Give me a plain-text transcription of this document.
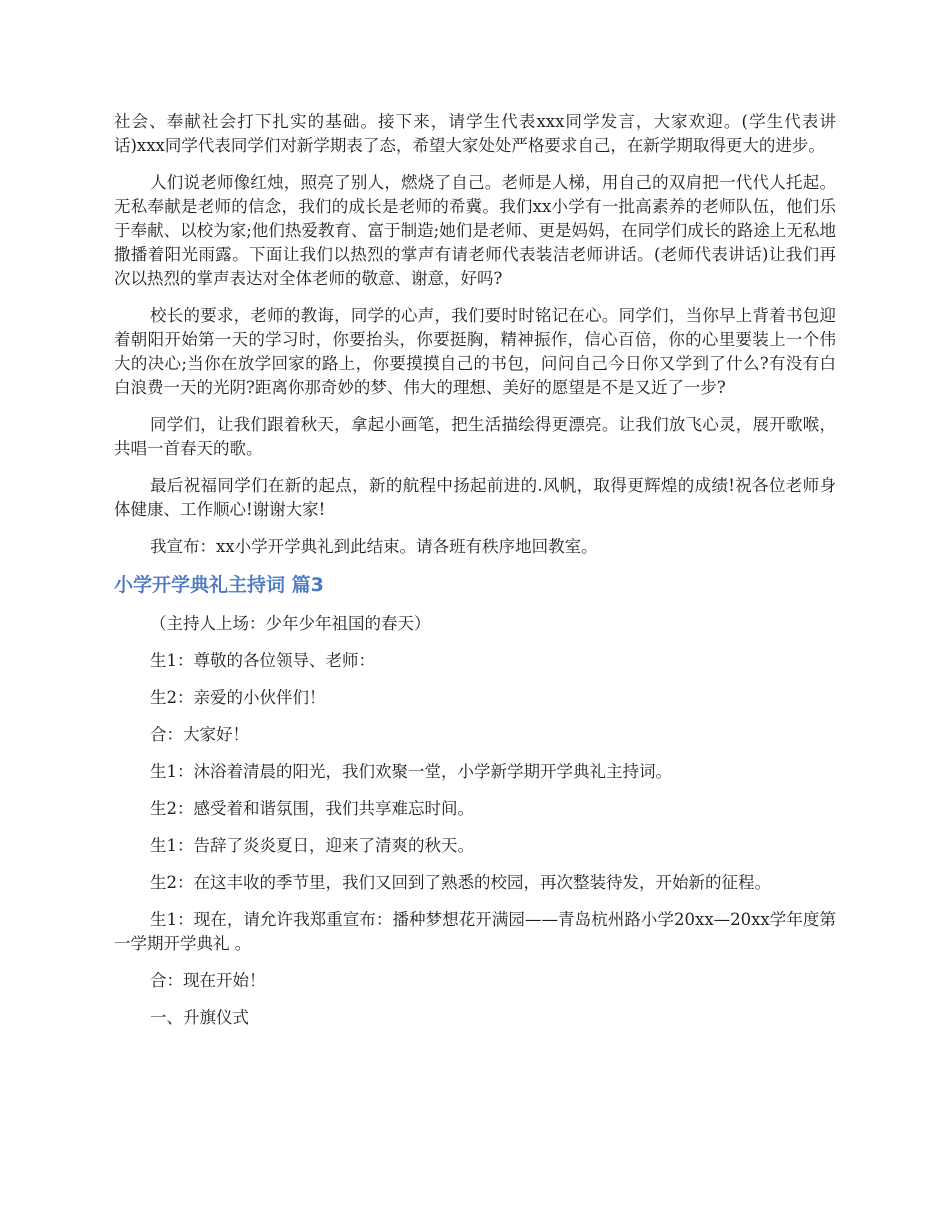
社会、奉献社会打下扎实的基础。接下来，请学生代表xxx同学发言，大家欢迎。(学生代表讲话)xxx同学代表同学们对新学期表了态，希望大家处处严格要求自己，在新学期取得更大的进步。

人们说老师像红烛，照亮了别人，燃烧了自己。老师是人梯，用自己的双肩把一代代人托起。无私奉献是老师的信念，我们的成长是老师的希冀。我们xx小学有一批高素养的老师队伍，他们乐于奉献、以校为家;他们热爱教育、富于制造;她们是老师、更是妈妈，在同学们成长的路途上无私地撒播着阳光雨露。下面让我们以热烈的掌声有请老师代表装洁老师讲话。(老师代表讲话)让我们再次以热烈的掌声表达对全体老师的敬意、谢意，好吗?

校长的要求，老师的教诲，同学的心声，我们要时时铭记在心。同学们，当你早上背着书包迎着朝阳开始第一天的学习时，你要抬头，你要挺胸，精神振作，信心百倍，你的心里要装上一个伟大的决心;当你在放学回家的路上，你要摸摸自己的书包，问问自己今日你又学到了什么?有没有白白浪费一天的光阴?距离你那奇妙的梦、伟大的理想、美好的愿望是不是又近了一步?

同学们，让我们跟着秋天，拿起小画笔，把生活描绘得更漂亮。让我们放飞心灵，展开歌喉，共唱一首春天的歌。

最后祝福同学们在新的起点，新的航程中扬起前进的.风帆，取得更辉煌的成绩!祝各位老师身体健康、工作顺心!谢谢大家!

我宣布：xx小学开学典礼到此结束。请各班有秩序地回教室。

小学开学典礼主持词 篇3

（主持人上场：少年少年祖国的春天）

生1：尊敬的各位领导、老师：

生2：亲爱的小伙伴们！

合：大家好！

生1：沐浴着清晨的阳光，我们欢聚一堂，小学新学期开学典礼主持词。

生2：感受着和谐氛围，我们共享难忘时间。

生1：告辞了炎炎夏日，迎来了清爽的秋天。

生2：在这丰收的季节里，我们又回到了熟悉的校园，再次整装待发，开始新的征程。

生1：现在，请允许我郑重宣布：播种梦想花开满园——青岛杭州路小学20xx—20xx学年度第一学期开学典礼 。

合：现在开始！

一、升旗仪式
